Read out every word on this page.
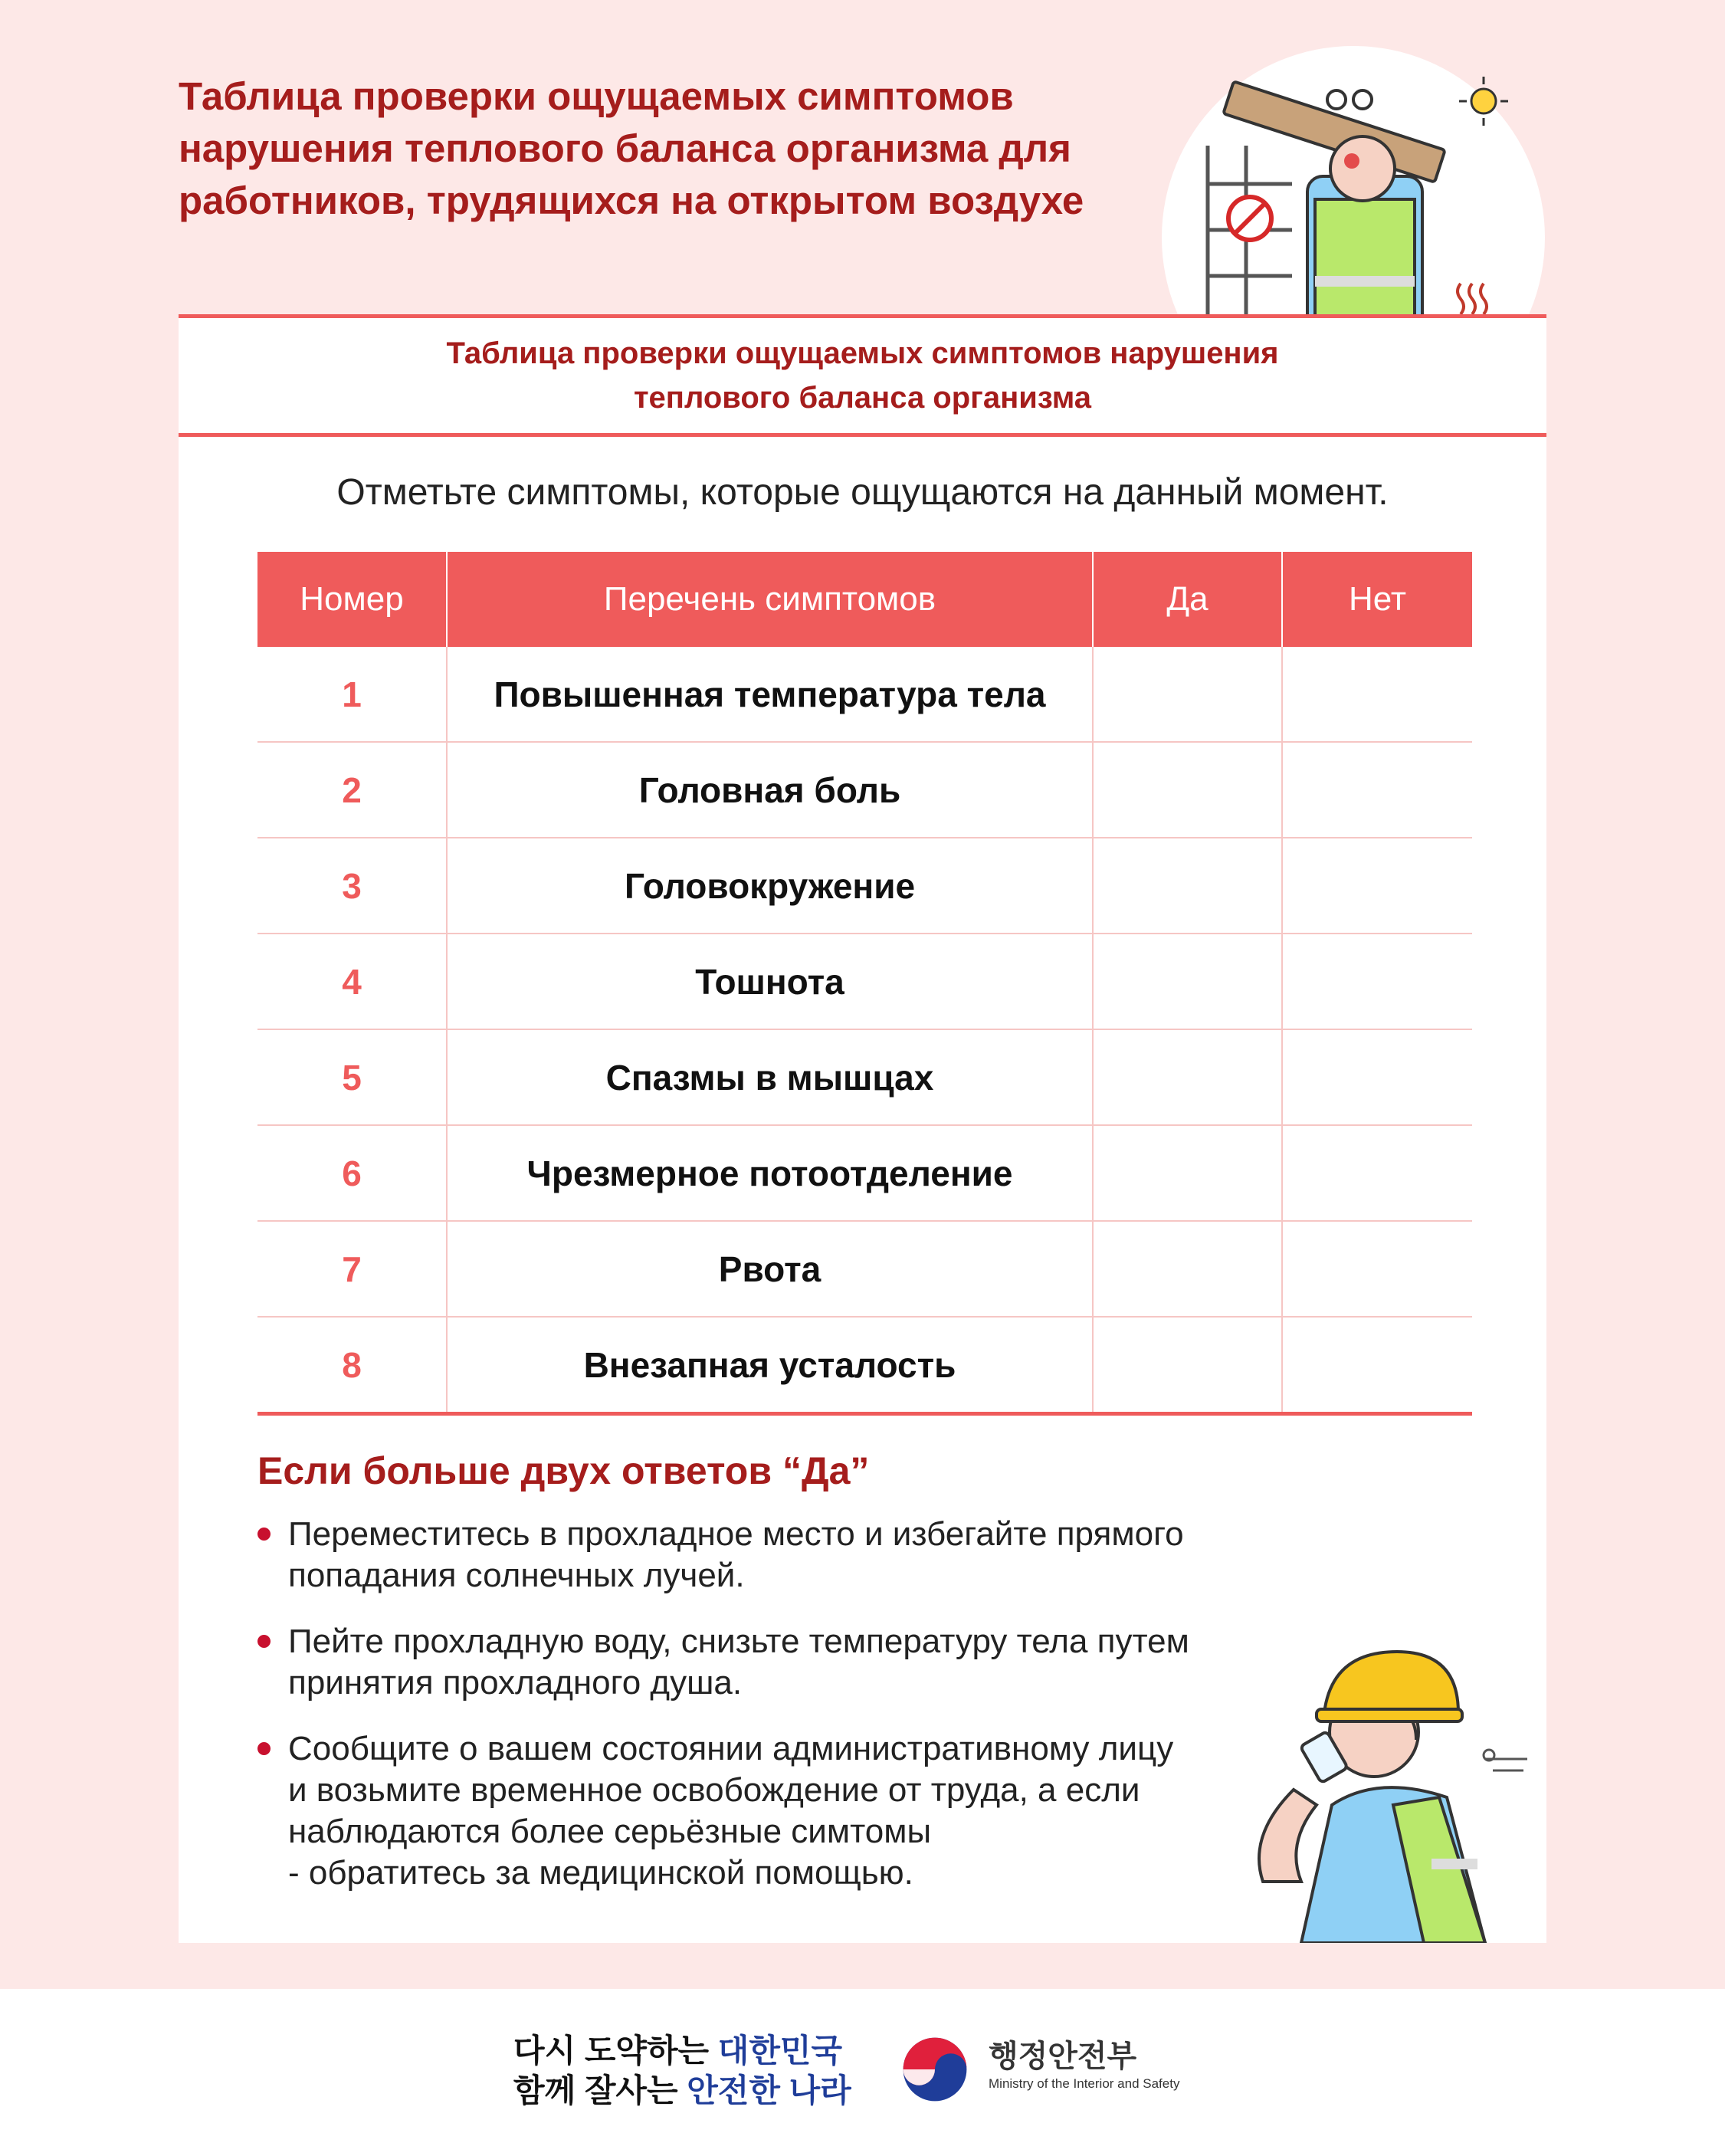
Таблица проверки ощущаемых симптомов нарушения теплового баланса организма для работников, трудящихся на открытом воздухе
Таблица проверки ощущаемых симптомов нарушения
теплового баланса организма

Отметьте симптомы, которые ощущаются на данный момент.

Номер	Перечень симптомов	Да	Нет
1	Повышенная температура тела		
2	Головная боль		
3	Головокружение		
4	Тошнота		
5	Спазмы в мышцах		
6	Чрезмерное потоотделение		
7	Рвота		
8	Внезапная усталость		
Если больше двух ответов “Да”
Переместитесь в прохладное место и избегайте прямого
попадания солнечных лучей.
Пейте прохладную воду, снизьте температуру тела путем
принятия прохладного душа.
Сообщите о вашем состоянии административному лицу
и возьмите временное освобождение от труда, а если
наблюдаются более серьёзные симтомы
- обратитесь за медицинской помощью.
다시 도약하는 대한민국
함께 잘사는 안전한 나라
행정안전부
Ministry of the Interior and Safety
